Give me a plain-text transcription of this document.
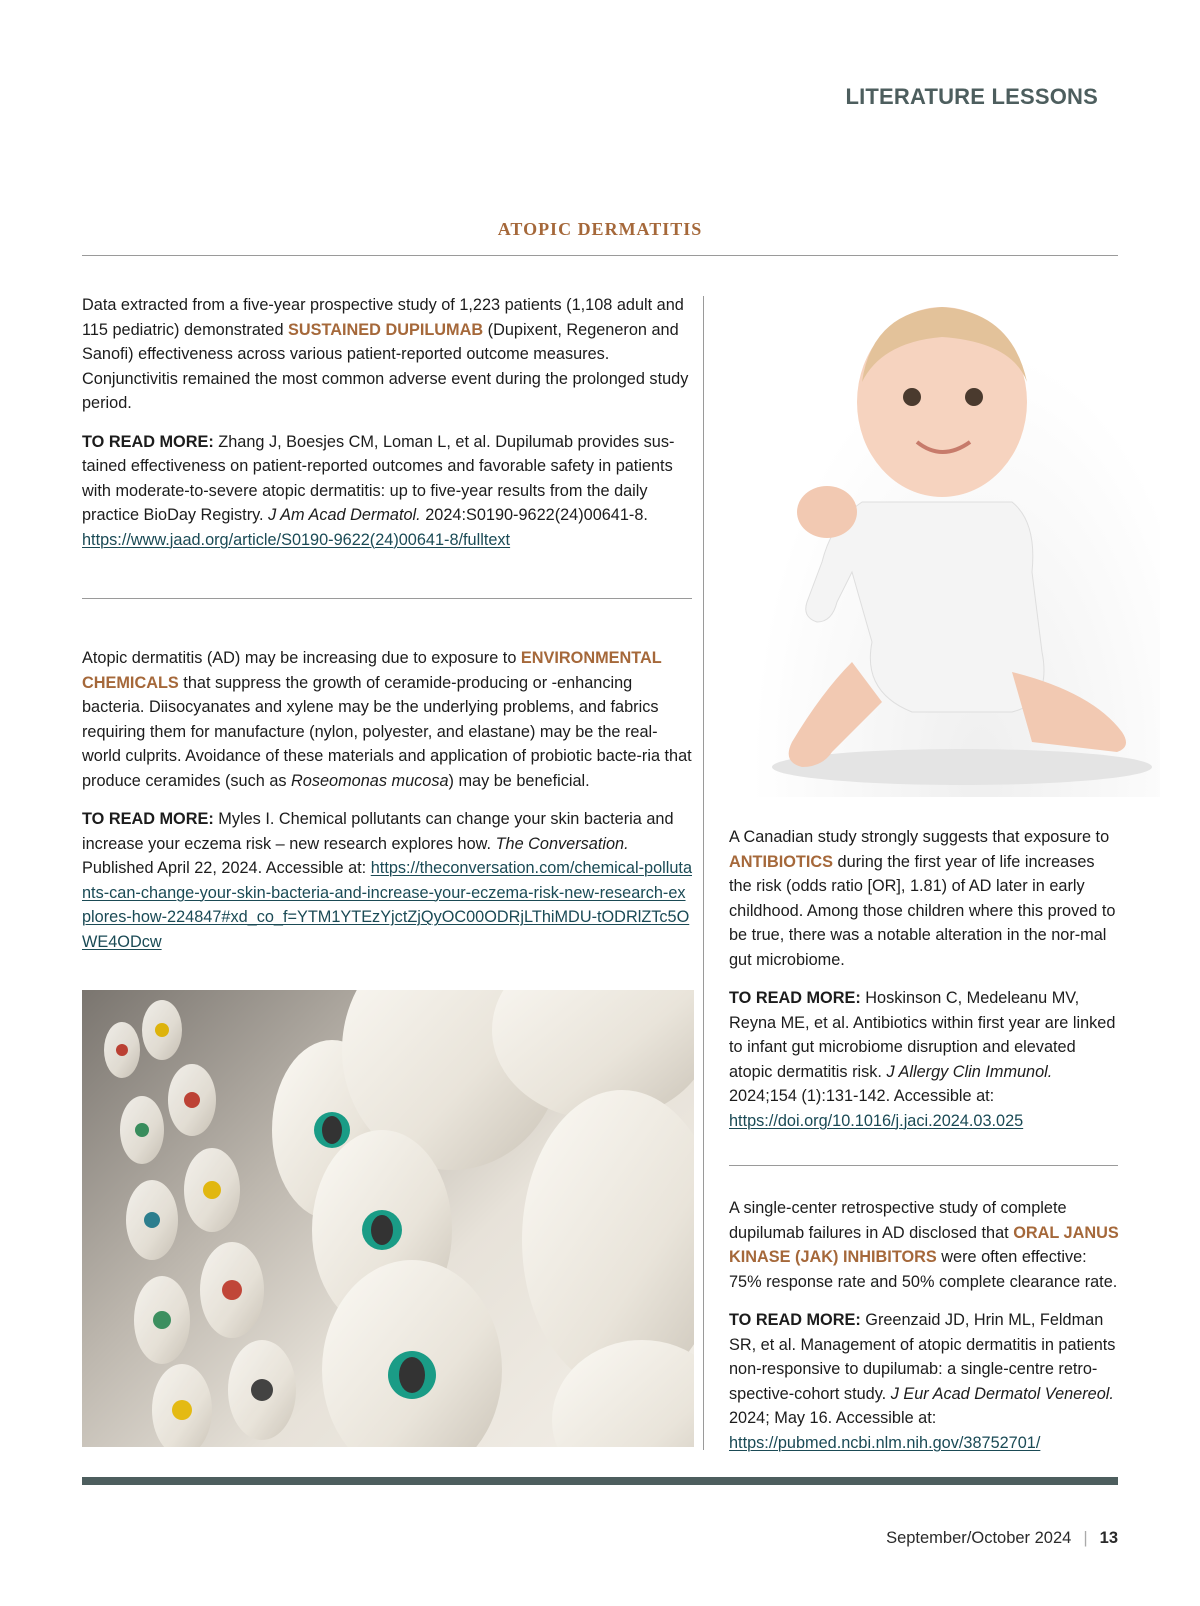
LITERATURE LESSONS
ATOPIC DERMATITIS

Data extracted from a five-year prospective study of 1,223 patients (1,108 adult and 115 pediatric) demonstrated SUSTAINED DUPILUMAB (Dupixent, Regeneron and Sanofi) effectiveness across various patient-reported outcome measures. Conjunctivitis remained the most common adverse event during the prolonged study period.

TO READ MORE: Zhang J, Boesjes CM, Loman L, et al. Dupilumab provides sus-tained effectiveness on patient-reported outcomes and favorable safety in patients with moderate-to-severe atopic dermatitis: up to five-year results from the daily practice BioDay Registry. J Am Acad Dermatol. 2024:S0190-9622(24)00641-8.
https://www.jaad.org/article/S0190-9622(24)00641-8/fulltext

Atopic dermatitis (AD) may be increasing due to exposure to ENVIRONMENTAL CHEMICALS that suppress the growth of ceramide-producing or -enhancing bacteria. Diisocyanates and xylene may be the underlying problems, and fabrics requiring them for manufacture (nylon, polyester, and elastane) may be the real-world culprits. Avoidance of these materials and application of probiotic bacte-ria that produce ceramides (such as Roseomonas mucosa) may be beneficial.

TO READ MORE: Myles I. Chemical pollutants can change your skin bacteria and increase your eczema risk – new research explores how. The Conversation. Published April 22, 2024. Accessible at: https://theconversation.com/chemical-pollutants-can-change-your-skin-bacteria-and-increase-your-eczema-risk-new-research-explores-how-224847#xd_co_f=YTM1YTEzYjctZjQyOC00ODRjLThiMDU-tODRlZTc5OWE4ODcw

A Canadian study strongly suggests that exposure to ANTIBIOTICS during the first year of life increases the risk (odds ratio [OR], 1.81) of AD later in early childhood. Among those children where this proved to be true, there was a notable alteration in the nor-mal gut microbiome.

TO READ MORE: Hoskinson C, Medeleanu MV, Reyna ME, et al. Antibiotics within first year are linked to infant gut microbiome disruption and elevated atopic dermatitis risk. J Allergy Clin Immunol. 2024;154 (1):131-142. Accessible at: https://doi.org/10.1016/j.jaci.2024.03.025

A single-center retrospective study of complete dupilumab failures in AD disclosed that ORAL JANUS KINASE (JAK) INHIBITORS were often effective: 75% response rate and 50% complete clearance rate.

TO READ MORE: Greenzaid JD, Hrin ML, Feldman SR, et al. Management of atopic dermatitis in patients non-responsive to dupilumab: a single-centre retro-spective-cohort study. J Eur Acad Dermatol Venereol. 2024; May 16. Accessible at: https://pubmed.ncbi.nlm.nih.gov/38752701/

September/October 2024 | 13
